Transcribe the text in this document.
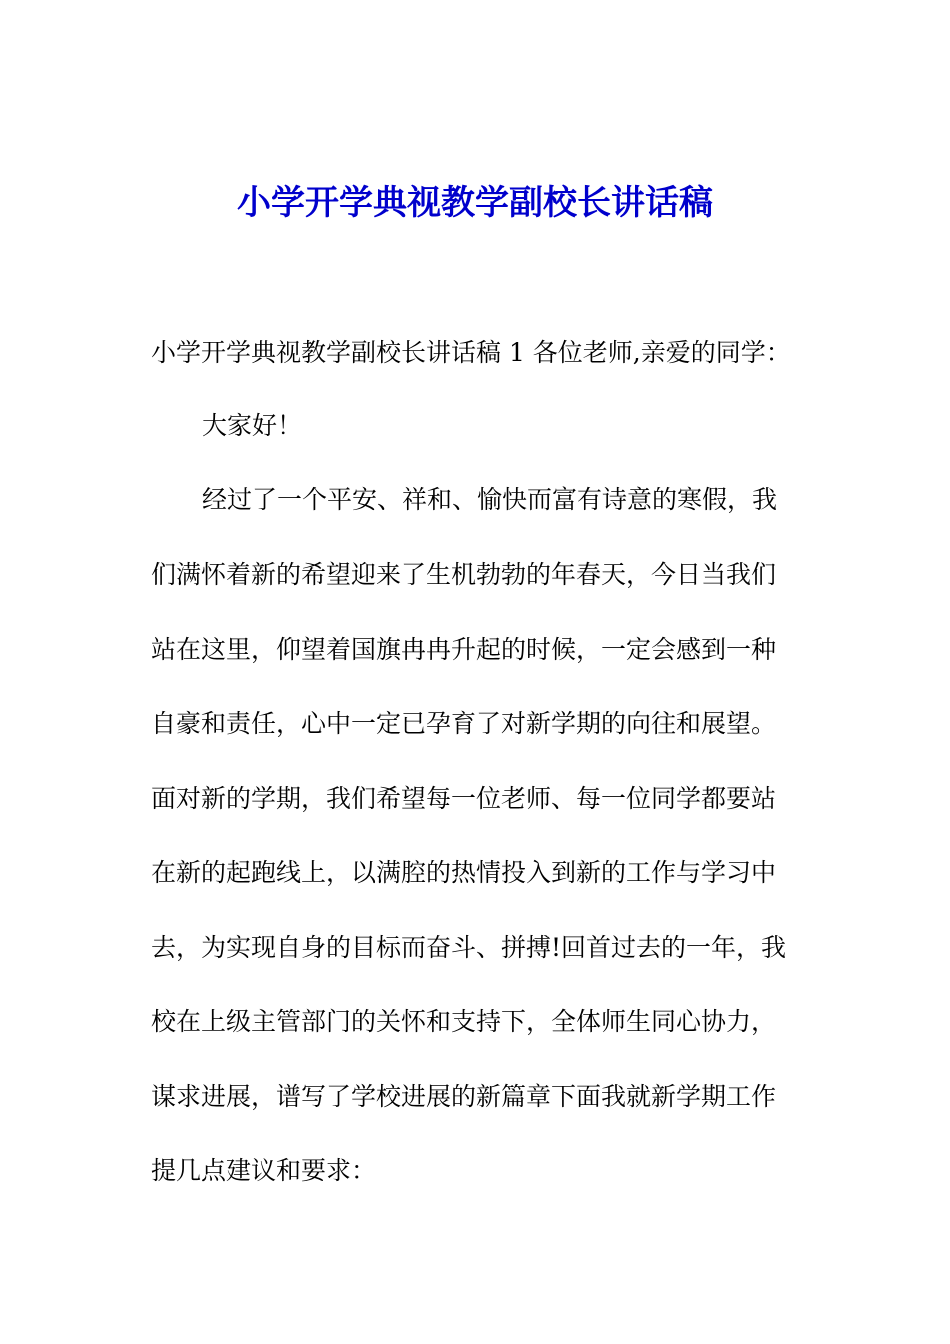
小学开学典视教学副校长讲话稿
小学开学典视教学副校长讲话稿 1 各位老师,亲爱的同学：
大家好！
经过了一个平安、祥和、愉快而富有诗意的寒假，我
们满怀着新的希望迎来了生机勃勃的年春天，今日当我们
站在这里，仰望着国旗冉冉升起的时候，一定会感到一种
自豪和责任，心中一定已孕育了对新学期的向往和展望。
面对新的学期，我们希望每一位老师、每一位同学都要站
在新的起跑线上，以满腔的热情投入到新的工作与学习中
去，为实现自身的目标而奋斗、拼搏!回首过去的一年，我
校在上级主管部门的关怀和支持下，全体师生同心协力，
谋求进展，谱写了学校进展的新篇章下面我就新学期工作
提几点建议和要求：
